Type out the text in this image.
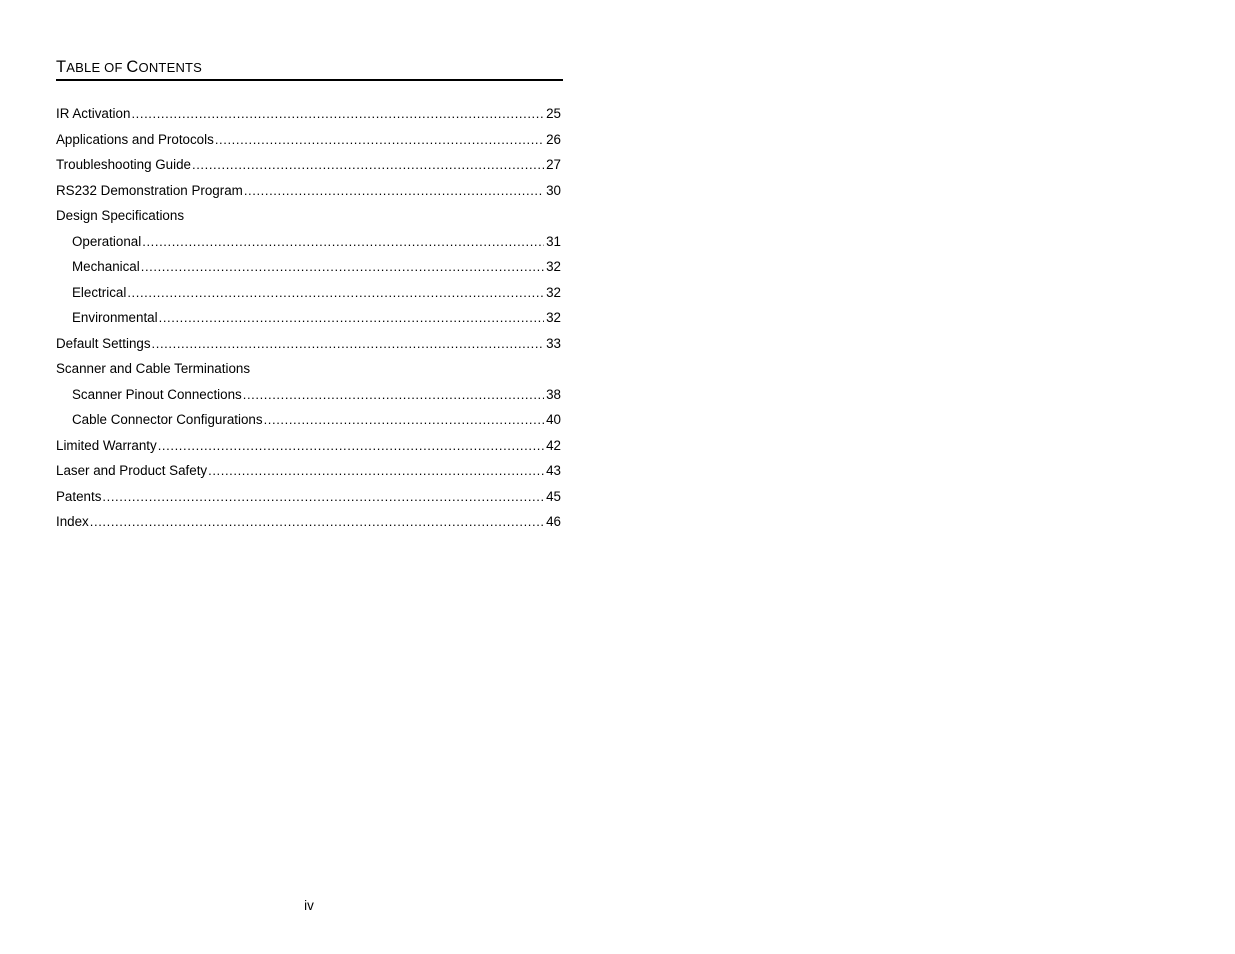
TABLE OF CONTENTS
IR Activation .....	25
Applications and Protocols .....	26
Troubleshooting Guide .....	27
RS232 Demonstration Program .....	30
Design Specifications
Operational .....	31
Mechanical .....	32
Electrical .....	32
Environmental .....	32
Default Settings .....	33
Scanner and Cable Terminations
Scanner Pinout Connections .....	38
Cable Connector Configurations .....	40
Limited Warranty .....	42
Laser and Product Safety .....	43
Patents .....	45
Index .....	46
iv
